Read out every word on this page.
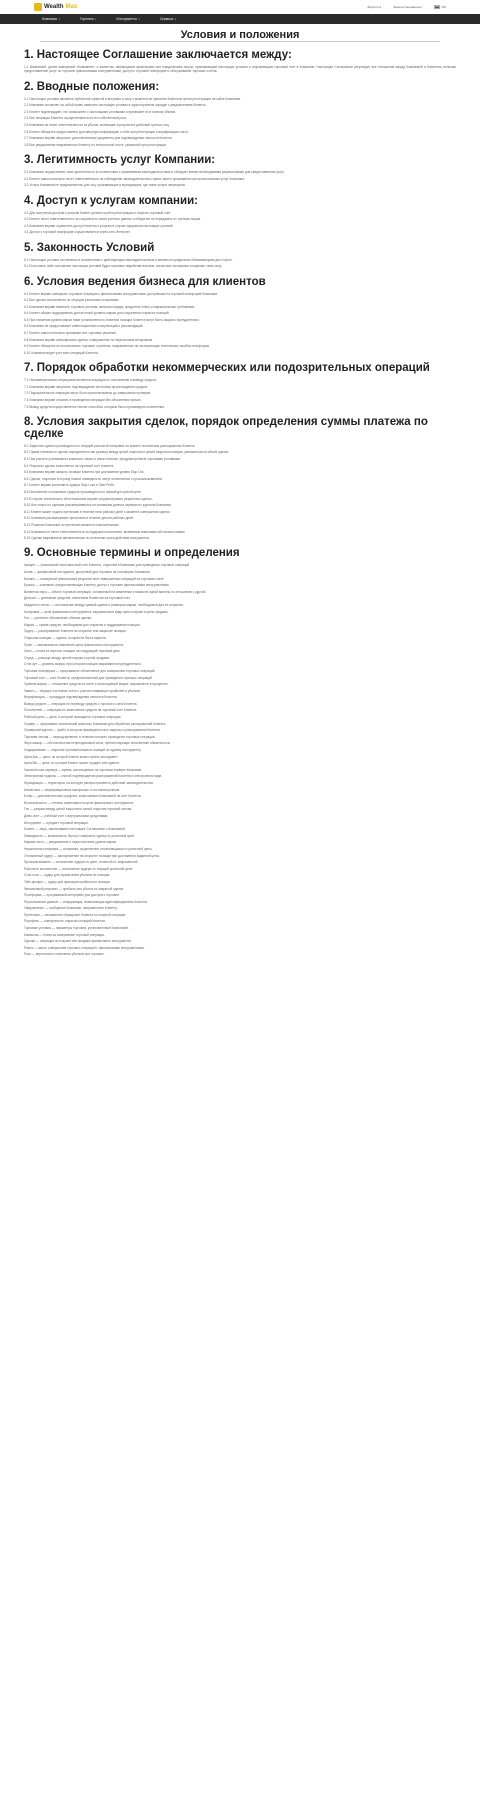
Wealth Max	Запустить	Зарегистрироваться	RU
Компания ▾	Торговля ▾	Инструменты ▾	Сервисы ▾
Условия и положения
1. Настоящее Соглашение заключается между:

1.1 Компанией, далее именуемой «Компания», и клиентом, являющимся физическим или юридическим лицом, принимающим настоящие условия и открывающим торговый счет в Компании. Настоящее Соглашение регулирует все отношения между Компанией и Клиентом, включая предоставление услуг по торговле финансовыми инструментами, доступ к торговой платформе и обслуживание торговых счетов.

2. Вводные положения:

2.1 Настоящие условия являются публичной офертой и вступают в силу с момента их принятия Клиентом путем регистрации на сайте Компании.

2.2 Компания оставляет за собой право изменять настоящие условия в одностороннем порядке с уведомлением Клиента.

2.3 Клиент подтверждает, что ознакомлен с настоящими условиями и принимает их в полном объеме.

2.4 Все операции Клиента осуществляются на его собственный риск.

2.5 Компания не несет ответственности за убытки, возникшие в результате действий третьих лиц.

2.6 Клиент обязуется предоставлять достоверную информацию о себе при регистрации и верификации счета.

2.7 Компания вправе запросить дополнительные документы для подтверждения личности Клиента.

2.8 Все уведомления направляются Клиенту по электронной почте, указанной при регистрации.

3. Легитимность услуг Компании:

3.1 Компания осуществляет свою деятельность в соответствии с применимым законодательством и обладает всеми необходимыми разрешениями для предоставления услуг.

3.2 Клиент самостоятельно несет ответственность за соблюдение законодательства страны своего проживания при использовании услуг Компании.

3.3 Услуги Компании не предназначены для лиц, проживающих в юрисдикциях, где такие услуги запрещены.

4. Доступ к услугам компании:

4.1 Для получения доступа к услугам Клиент должен пройти регистрацию и открыть торговый счет.

4.2 Клиент несет ответственность за сохранность своих учетных данных и обязуется не передавать их третьим лицам.

4.3 Компания вправе ограничить доступ Клиента к услугам в случае нарушения настоящих условий.

4.4 Доступ к торговой платформе осуществляется через сеть Интернет.

5. Законность Условий

5.1 Настоящие условия составлены в соответствии с действующим законодательством и являются юридически обязывающими для сторон.

5.2 Если какое-либо положение настоящих условий будет признано недействительным, остальные положения сохраняют свою силу.

6. Условия ведения бизнеса для клиентов

6.1 Клиент вправе совершать торговые операции с финансовыми инструментами, доступными на торговой платформе Компании.

6.2 Все сделки исполняются по текущим рыночным котировкам.

6.3 Компания вправе изменять торговые условия, включая спреды, кредитное плечо и маржинальные требования.

6.4 Клиент обязан поддерживать достаточный уровень маржи для сохранения открытых позиций.

6.5 При снижении уровня маржи ниже установленного значения позиции Клиента могут быть закрыты принудительно.

6.6 Компания не предоставляет инвестиционных консультаций и рекомендаций.

6.7 Клиент самостоятельно принимает все торговые решения.

6.8 Компания вправе аннулировать сделки, совершенные по нерыночным котировкам.

6.9 Клиент обязуется не использовать торговые стратегии, направленные на эксплуатацию технических ошибок платформы.

6.10 Компания ведет учет всех операций Клиента.

7. Порядок обработки некоммерческих или подозрительных операций

7.1 Некоммерческими операциями являются операции по пополнению и выводу средств.

7.2 Компания вправе запросить подтверждение источника происхождения средств.

7.3 Подозрительные операции могут быть приостановлены до завершения проверки.

7.4 Компания вправе отказать в проведении операции без объяснения причин.

7.5 Вывод средств осуществляется тем же способом, которым было произведено пополнение.

8. Условия закрытия сделок, порядок определения суммы платежа по сделке

8.1 Закрытие сделки производится по текущей рыночной котировке на момент исполнения распоряжения Клиента.

8.2 Сумма платежа по сделке определяется как разница между ценой открытия и ценой закрытия позиции, умноженная на объем сделки.

8.3 При расчете учитываются комиссии, свопы и иные платежи, предусмотренные торговыми условиями.

8.4 Результат сделки зачисляется на торговый счет Клиента.

8.5 Компания вправе закрыть позиции Клиента при достижении уровня Stop Out.

8.6 Сделки, открытые в период низкой ликвидности, могут исполняться с проскальзыванием.

8.7 Клиент вправе установить ордера Stop Loss и Take Profit.

8.8 Исполнение отложенных ордеров производится по первой доступной цене.

8.9 В случае технического сбоя Компания вправе скорректировать результаты сделок.

8.10 Все споры по сделкам рассматриваются на основании данных серверного журнала Компании.

8.11 Клиент может подать претензию в течение пяти рабочих дней с момента совершения сделки.

8.12 Компания рассматривает претензию в течение десяти рабочих дней.

8.13 Решение Компании по претензии является окончательным.

8.14 Компания не несет ответственности за задержки исполнения, вызванные внешними обстоятельствами.

8.15 Сделки закрываются автоматически по истечении срока действия инструмента.

9. Основные термины и определения

Аккаунт — уникальный персональный счет Клиента, открытый в Компании для проведения торговых операций.

Актив — финансовый инструмент, доступный для торговли на платформе Компании.

Баланс — совокупный финансовый результат всех завершенных операций на торговом счете.

Брокер — компания, предоставляющая Клиенту доступ к торговле финансовыми инструментами.

Валютная пара — объект торговой операции, основанный на изменении стоимости одной валюты по отношению к другой.

Депозит — денежные средства, внесенные Клиентом на торговый счет.

Кредитное плечо — соотношение между суммой сделки и размером маржи, необходимой для ее открытия.

Котировка — цена финансового инструмента, выраженная в виде цены покупки и цены продажи.

Лот — условное обозначение объема сделки.

Маржа — сумма средств, необходимая для открытия и поддержания позиции.

Ордер — распоряжение Клиента на открытие или закрытие позиции.

Открытая позиция — сделка, которая не была закрыта.

Пункт — минимальное изменение цены финансового инструмента.

Своп — плата за перенос позиции на следующий торговый день.

Спред — разница между ценой покупки и ценой продажи.

Стоп-аут — уровень маржи, при котором позиции закрываются принудительно.

Торговая платформа — программное обеспечение для совершения торговых операций.

Торговый счет — счет Клиента, предназначенный для проведения торговых операций.

Уровень маржи — отношение средств на счете к используемой марже, выраженное в процентах.

Эквити — текущее состояние счета с учетом плавающих прибылей и убытков.

Верификация — процедура подтверждения личности Клиента.

Вывод средств — операция по переводу средств с торгового счета Клиента.

Пополнение — операция по зачислению средств на торговый счет Клиента.

Рабочий день — день, в который проводятся торговые операции.

Сервер — программно-технический комплекс Компании для обработки распоряжений Клиента.

Серверный журнал — файл, в котором фиксируются все запросы и распоряжения Клиента.

Торговая сессия — период времени, в течение которого проводятся торговые операции.

Форс-мажор — обстоятельства непреодолимой силы, препятствующие исполнению обязательств.

Хеджирование — открытие противоположных позиций по одному инструменту.

Цена Ask — цена, по которой Клиент может купить инструмент.

Цена Bid — цена, по которой Клиент может продать инструмент.

Часовой пояс сервера — время, используемое на торговом сервере Компании.

Электронная подпись — способ подтверждения распоряжений Клиента в электронном виде.

Юрисдикция — территория, на которую распространяется действие законодательства.

Аналитика — информационные материалы о состоянии рынков.

Бонус — дополнительные средства, зачисляемые Компанией на счет Клиента.

Волатильность — степень изменчивости цены финансового инструмента.

Гэп — разрыв между ценой закрытия и ценой открытия торговой сессии.

Демо-счет — учебный счет с виртуальными средствами.

Инструмент — предмет торговой операции.

Клиент — лицо, заключившее настоящее Соглашение с Компанией.

Ликвидность — возможность быстро совершить сделку по рыночной цене.

Маржин-колл — уведомление о недостаточном уровне маржи.

Нерыночная котировка — котировка, существенно отклоняющаяся от рыночной цены.

Отложенный ордер — распоряжение на открытие позиции при достижении заданной цены.

Проскальзывание — исполнение ордера по цене, отличной от запрошенной.

Рыночное исполнение — исполнение ордера по текущей рыночной цене.

Стоп-лосс — ордер для ограничения убытков по позиции.

Тейк-профит — ордер для фиксации прибыли по позиции.

Финансовый результат — прибыль или убыток по закрытой сделке.

Платформа — программный интерфейс для доступа к торговле.

Персональные данные — информация, позволяющая идентифицировать Клиента.

Уведомление — сообщение Компании, направленное Клиенту.

Претензия — письменное обращение Клиента по спорной ситуации.

Портфель — совокупность открытых позиций Клиента.

Торговые условия — параметры торговли, установленные Компанией.

Комиссия — плата за совершение торговой операции.

Сделка — операция по покупке или продаже финансового инструмента.

Рынок — место совершения торговых операций с финансовыми инструментами.

Риск — вероятность понесения убытков при торговле.
